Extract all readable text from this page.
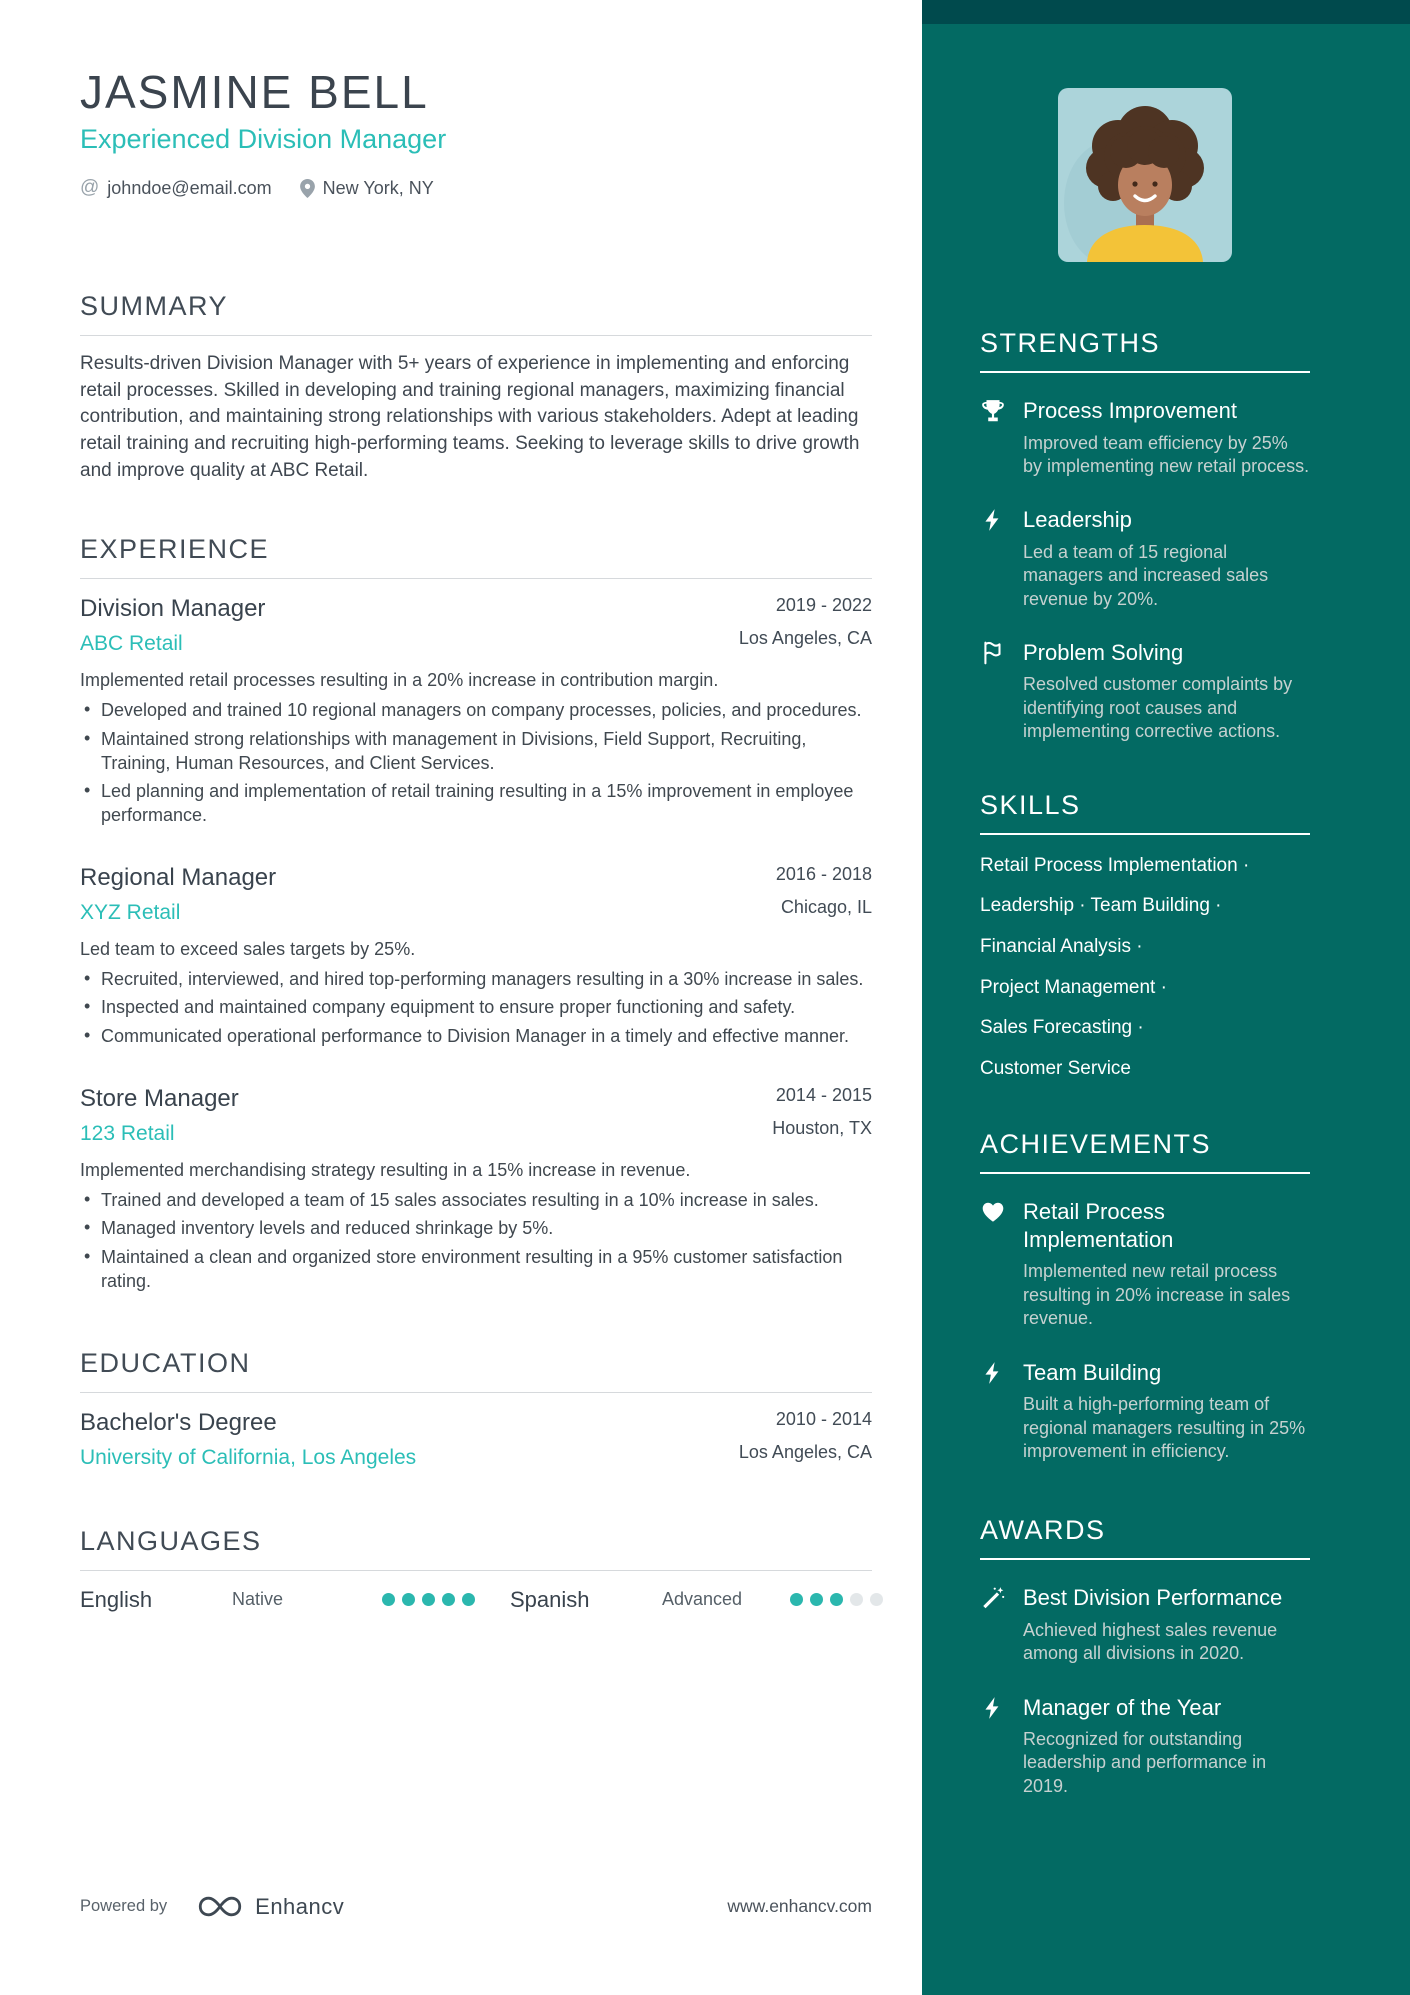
JASMINE BELL
Experienced Division Manager
@ johndoe@email.com	New York, NY
SUMMARY

Results-driven Division Manager with 5+ years of experience in implementing and enforcing retail processes. Skilled in developing and training regional managers, maximizing financial contribution, and maintaining strong relationships with various stakeholders. Adept at leading retail training and recruiting high-performing teams. Seeking to leverage skills to drive growth and improve quality at ABC Retail.

EXPERIENCE
Division Manager
ABC Retail
2019 - 2022
Los Angeles, CA
Implemented retail processes resulting in a 20% increase in contribution margin.
• Developed and trained 10 regional managers on company processes, policies, and procedures.
• Maintained strong relationships with management in Divisions, Field Support, Recruiting, Training, Human Resources, and Client Services.
• Led planning and implementation of retail training resulting in a 15% improvement in employee performance.
Regional Manager
XYZ Retail
2016 - 2018
Chicago, IL
Led team to exceed sales targets by 25%.
• Recruited, interviewed, and hired top-performing managers resulting in a 30% increase in sales.
• Inspected and maintained company equipment to ensure proper functioning and safety.
• Communicated operational performance to Division Manager in a timely and effective manner.
Store Manager
123 Retail
2014 - 2015
Houston, TX
Implemented merchandising strategy resulting in a 15% increase in revenue.
• Trained and developed a team of 15 sales associates resulting in a 10% increase in sales.
• Managed inventory levels and reduced shrinkage by 5%.
• Maintained a clean and organized store environment resulting in a 95% customer satisfaction rating.
EDUCATION
Bachelor's Degree
University of California, Los Angeles
2010 - 2014
Los Angeles, CA
LANGUAGES
English	Native	Spanish	Advanced
Powered by	Enhancv	www.enhancv.com
STRENGTHS
Process Improvement
Improved team efficiency by 25% by implementing new retail process.
Leadership
Led a team of 15 regional managers and increased sales revenue by 20%.
Problem Solving
Resolved customer complaints by identifying root causes and implementing corrective actions.
SKILLS
Retail Process Implementation ·
Leadership · Team Building ·
Financial Analysis ·
Project Management ·
Sales Forecasting ·
Customer Service
ACHIEVEMENTS
Retail Process Implementation
Implemented new retail process resulting in 20% increase in sales revenue.
Team Building
Built a high-performing team of regional managers resulting in 25% improvement in efficiency.
AWARDS
Best Division Performance
Achieved highest sales revenue among all divisions in 2020.
Manager of the Year
Recognized for outstanding leadership and performance in 2019.
